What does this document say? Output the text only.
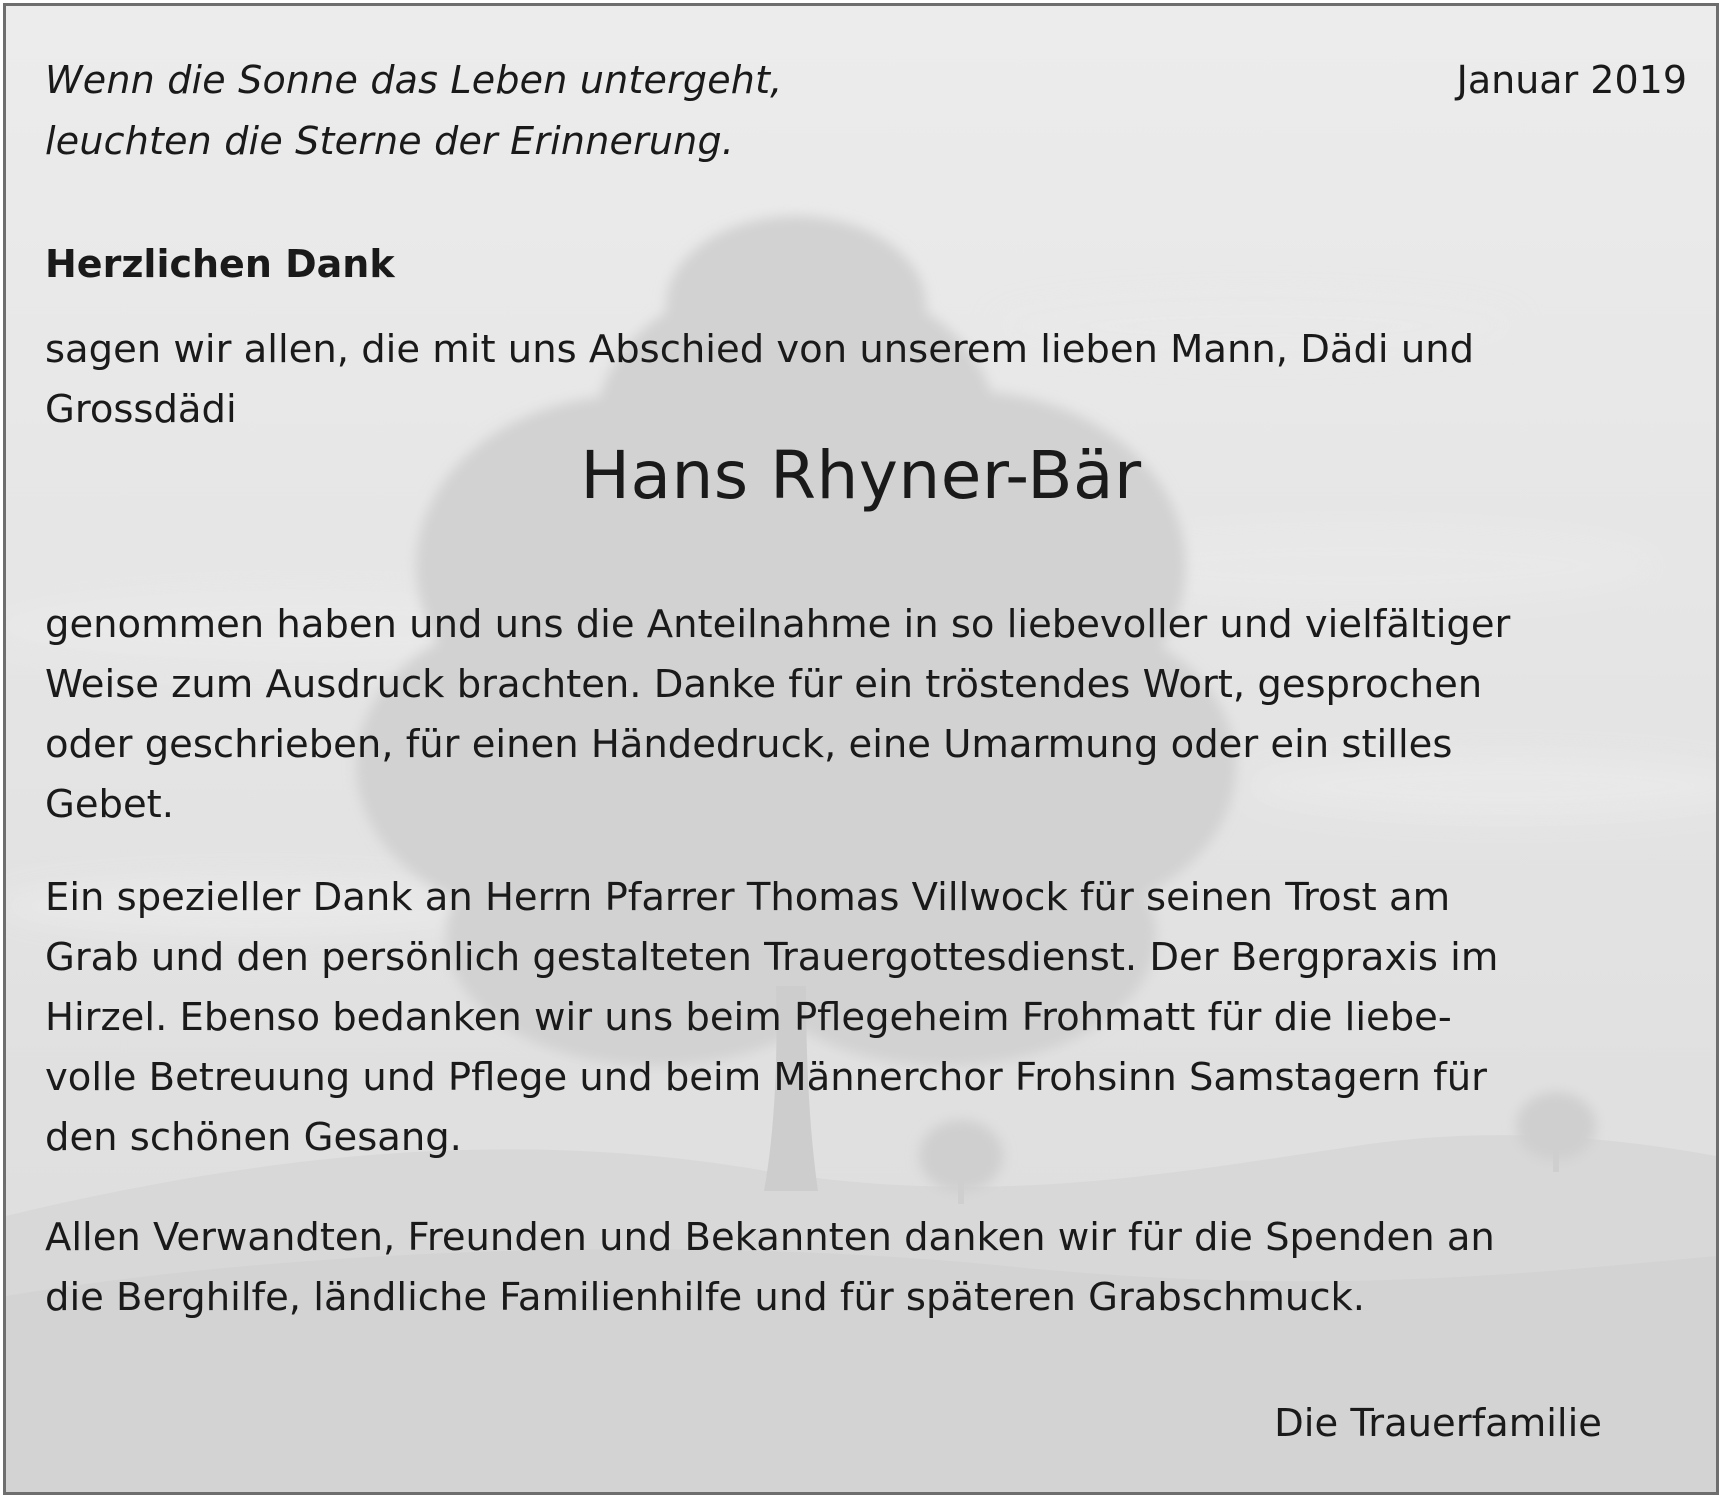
Wenn die Sonne das Leben untergeht,
leuchten die Sterne der Erinnerung.

Januar 2019
Herzlichen Dank

sagen wir allen, die mit uns Abschied von unserem lieben Mann, Dädi und
Grossdädi

Hans Rhyner-Bär

genommen haben und uns die Anteilnahme in so liebevoller und vielfältiger
Weise zum Ausdruck brachten. Danke für ein tröstendes Wort, gesprochen
oder geschrieben, für einen Händedruck, eine Umarmung oder ein stilles
Gebet.

Ein spezieller Dank an Herrn Pfarrer Thomas Villwock für seinen Trost am
Grab und den persönlich gestalteten Trauergottesdienst. Der Bergpraxis im
Hirzel. Ebenso bedanken wir uns beim Pflegeheim Frohmatt für die liebe-
volle Betreuung und Pflege und beim Männerchor Frohsinn Samstagern für
den schönen Gesang.

Allen Verwandten, Freunden und Bekannten danken wir für die Spenden an
die Berghilfe, ländliche Familienhilfe und für späteren Grabschmuck.

Die Trauerfamilie
